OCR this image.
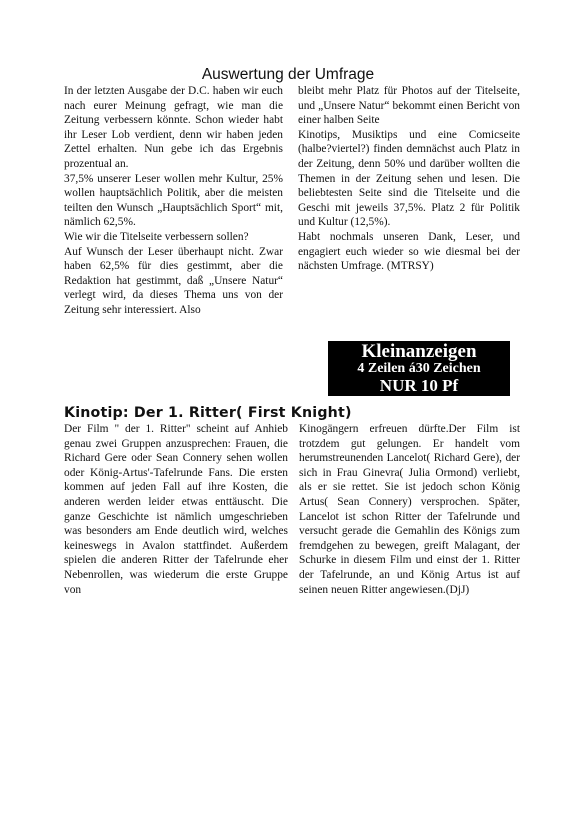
Auswertung der Umfrage

In der letzten Ausgabe der D.C. haben wir euch nach eurer Meinung gefragt, wie man die Zeitung verbessern könnte. Schon wieder habt ihr Leser Lob verdient, denn wir haben jeden Zettel erhalten. Nun gebe ich das Ergebnis prozentual an.

37,5% unserer Leser wollen mehr Kultur, 25% wollen hauptsächlich Politik, aber die meisten teilten den Wunsch „Hauptsächlich Sport“ mit, nämlich 62,5%.

Wie wir die Titelseite verbessern sollen?

Auf Wunsch der Leser überhaupt nicht. Zwar haben 62,5% für dies gestimmt, aber die Redaktion hat gestimmt, daß „Unsere Natur“ verlegt wird, da dieses Thema uns von der Zeitung sehr interessiert. Also

bleibt mehr Platz für Photos auf der Titelseite, und „Unsere Natur“ bekommt einen Bericht von einer halben Seite

Kinotips, Musiktips und eine Comicseite (halbe?viertel?) finden demnächst auch Platz in der Zeitung, denn 50% und darüber wollten die Themen in der Zeitung sehen und lesen. Die beliebtesten Seite sind die Titelseite und die Geschi mit jeweils 37,5%. Platz 2 für Politik und Kultur (12,5%).

Habt nochmals unseren Dank, Leser, und engagiert euch wieder so wie diesmal bei der nächsten Umfrage. (MTRSY)

Kleinanzeigen
4 Zeilen á30 Zeichen
NUR 10 Pf
Kinotip: Der 1. Ritter( First Knight)

Der Film " der 1. Ritter" scheint auf Anhieb genau zwei Gruppen anzusprechen: Frauen, die Richard Gere oder Sean Connery sehen wollen oder König-Artus'-Tafelrunde Fans. Die ersten kommen auf jeden Fall auf ihre Kosten, die anderen werden leider etwas enttäuscht. Die ganze Geschichte ist nämlich umgeschrieben was besonders am Ende deutlich wird, welches keineswegs in Avalon stattfindet. Außerdem spielen die anderen Ritter der Tafelrunde eher Nebenrollen, was wiederum die erste Gruppe von

Kinogängern erfreuen dürfte.Der Film ist trotzdem gut gelungen. Er handelt vom herumstreunenden Lancelot( Richard Gere), der sich in Frau Ginevra( Julia Ormond) verliebt, als er sie rettet. Sie ist jedoch schon König Artus( Sean Connery) versprochen. Später, Lancelot ist schon Ritter der Tafelrunde und versucht gerade die Gemahlin des Königs zum fremdgehen zu bewegen, greift Malagant, der Schurke in diesem Film und einst der 1. Ritter der Tafelrunde, an und König Artus ist auf seinen neuen Ritter angewiesen.(DjJ)
